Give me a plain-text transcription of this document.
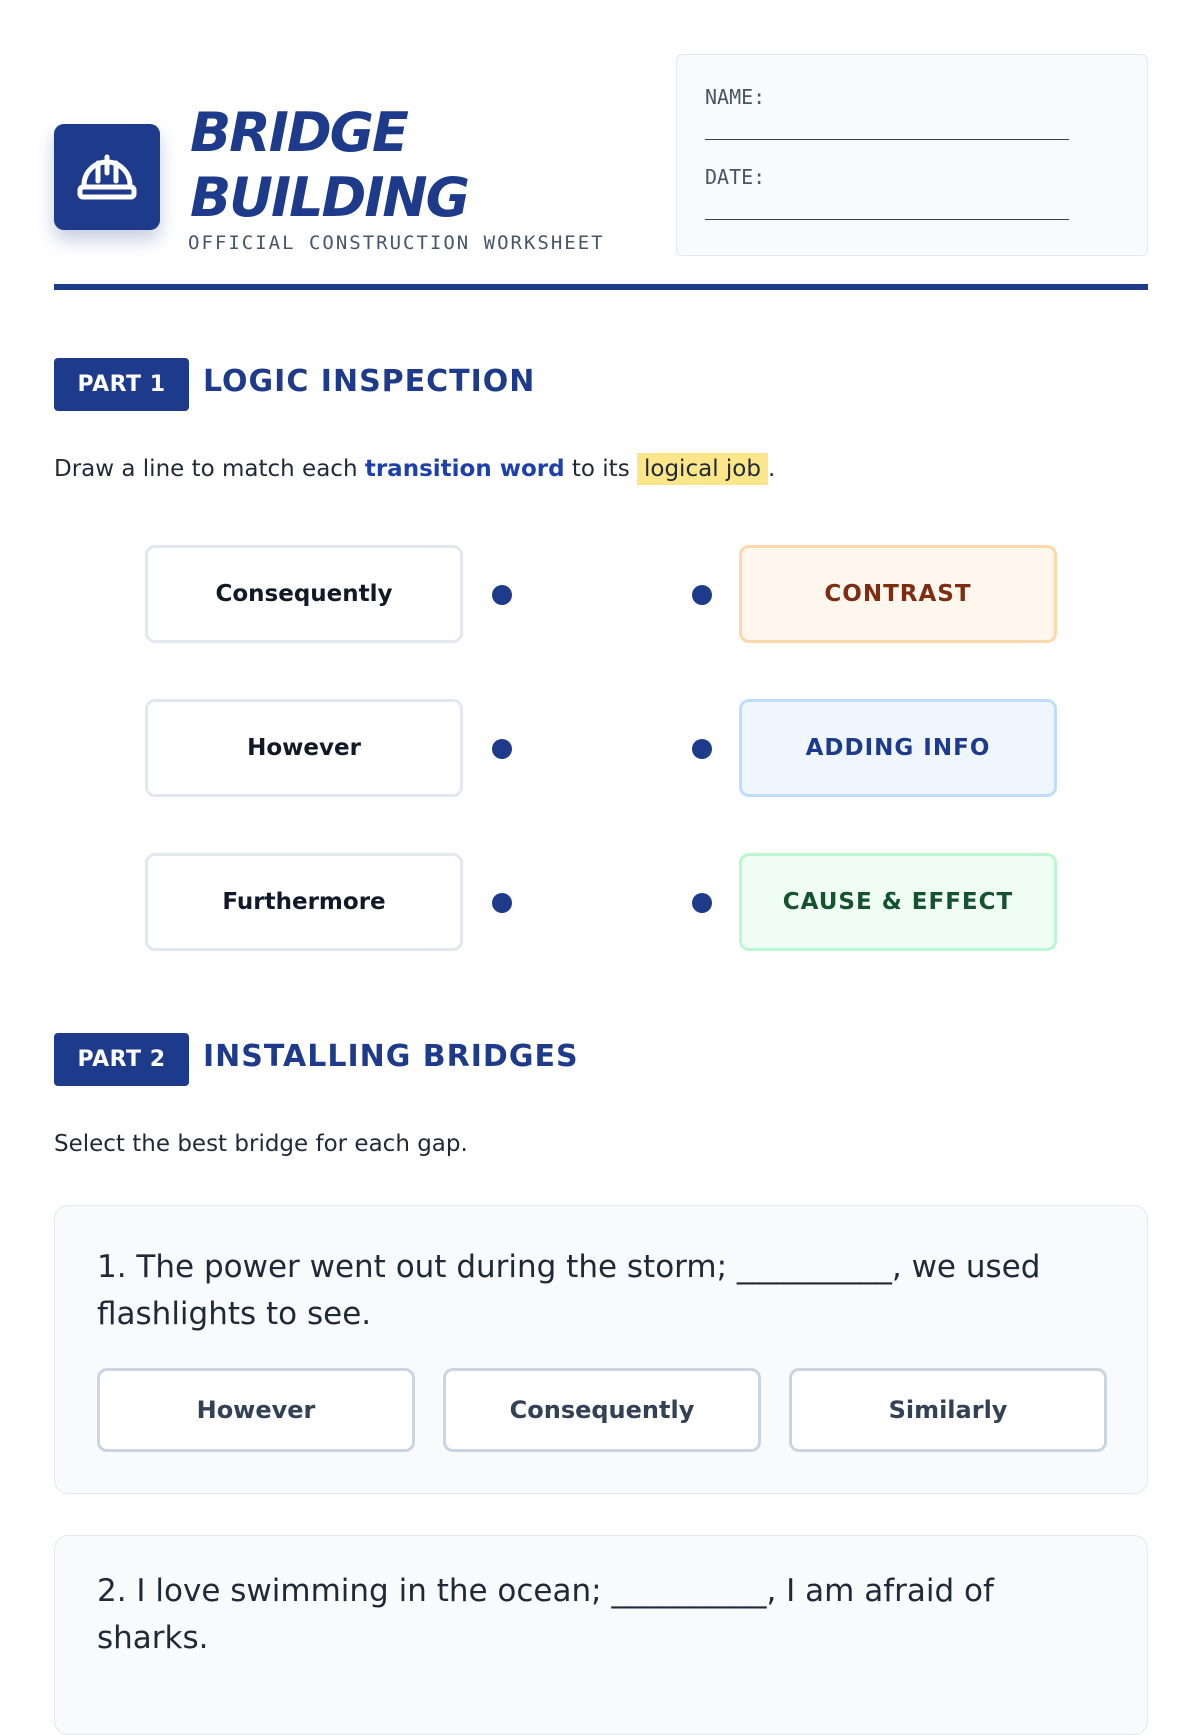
BRIDGE
BUILDING
OFFICIAL CONSTRUCTION WORKSHEET
NAME:
DATE:
PART 1	LOGIC INSPECTION
Draw a line to match each transition word to its logical job .
Consequently
However
Furthermore
CONTRAST
ADDING INFO
CAUSE & EFFECT
PART 2	INSTALLING BRIDGES
Select the best bridge for each gap.
1. The power went out during the storm; __________, we used flashlights to see.
However	Consequently	Similarly
2. I love swimming in the ocean; __________, I am afraid of sharks.
